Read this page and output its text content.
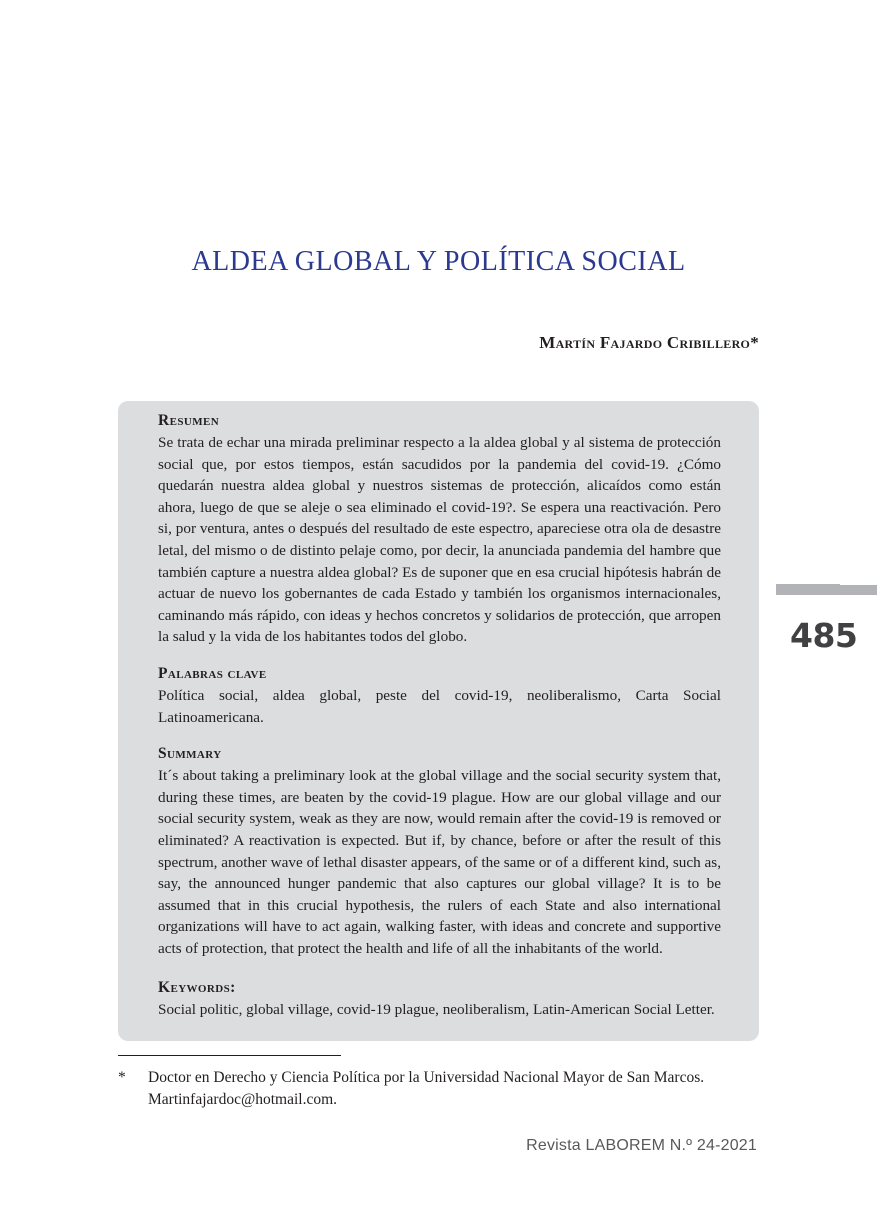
ALDEA GLOBAL Y POLÍTICA SOCIAL
Martín Fajardo Cribillero*
Resumen

Se trata de echar una mirada preliminar respecto a la aldea global y al sistema de protección social que, por estos tiempos, están sacudidos por la pandemia del covid-19. ¿Cómo quedarán nuestra aldea global y nuestros sistemas de protección, alicaídos como están ahora, luego de que se aleje o sea eliminado el covid-19?. Se espera una reactivación. Pero si, por ventura, antes o después del resultado de este espectro, apareciese otra ola de desastre letal, del mismo o de distinto pelaje como, por decir, la anunciada pandemia del hambre que también capture a nuestra aldea global? Es de suponer que en esa crucial hipótesis habrán de actuar de nuevo los gobernantes de cada Estado y también los organismos internacionales, caminando más rápido, con ideas y hechos concretos y solidarios de protección, que arropen la salud y la vida de los habitantes todos del globo.

Palabras clave

Política social, aldea global, peste del covid-19, neoliberalismo, Carta Social Latinoamericana.

Summary

It´s about taking a preliminary look at the global village and the social security system that, during these times, are beaten by the covid-19 plague. How are our global village and our social security system, weak as they are now, would remain after the covid-19 is removed or eliminated? A reactivation is expected. But if, by chance, before or after the result of this spectrum, another wave of lethal disaster appears, of the same or of a different kind, such as, say, the announced hunger pandemic that also captures our global village? It is to be assumed that in this crucial hypothesis, the rulers of each State and also international organizations will have to act again, walking faster, with ideas and concrete and supportive acts of protection, that protect the health and life of all the inhabitants of the world.

Keywords:

Social politic, global village, covid-19 plague, neoliberalism, Latin-American Social Letter.

485
* Doctor en Derecho y Ciencia Política por la Universidad Nacional Mayor de San Marcos. Martinfajardoc@hotmail.com.
Revista LABOREM N.º 24-2021
